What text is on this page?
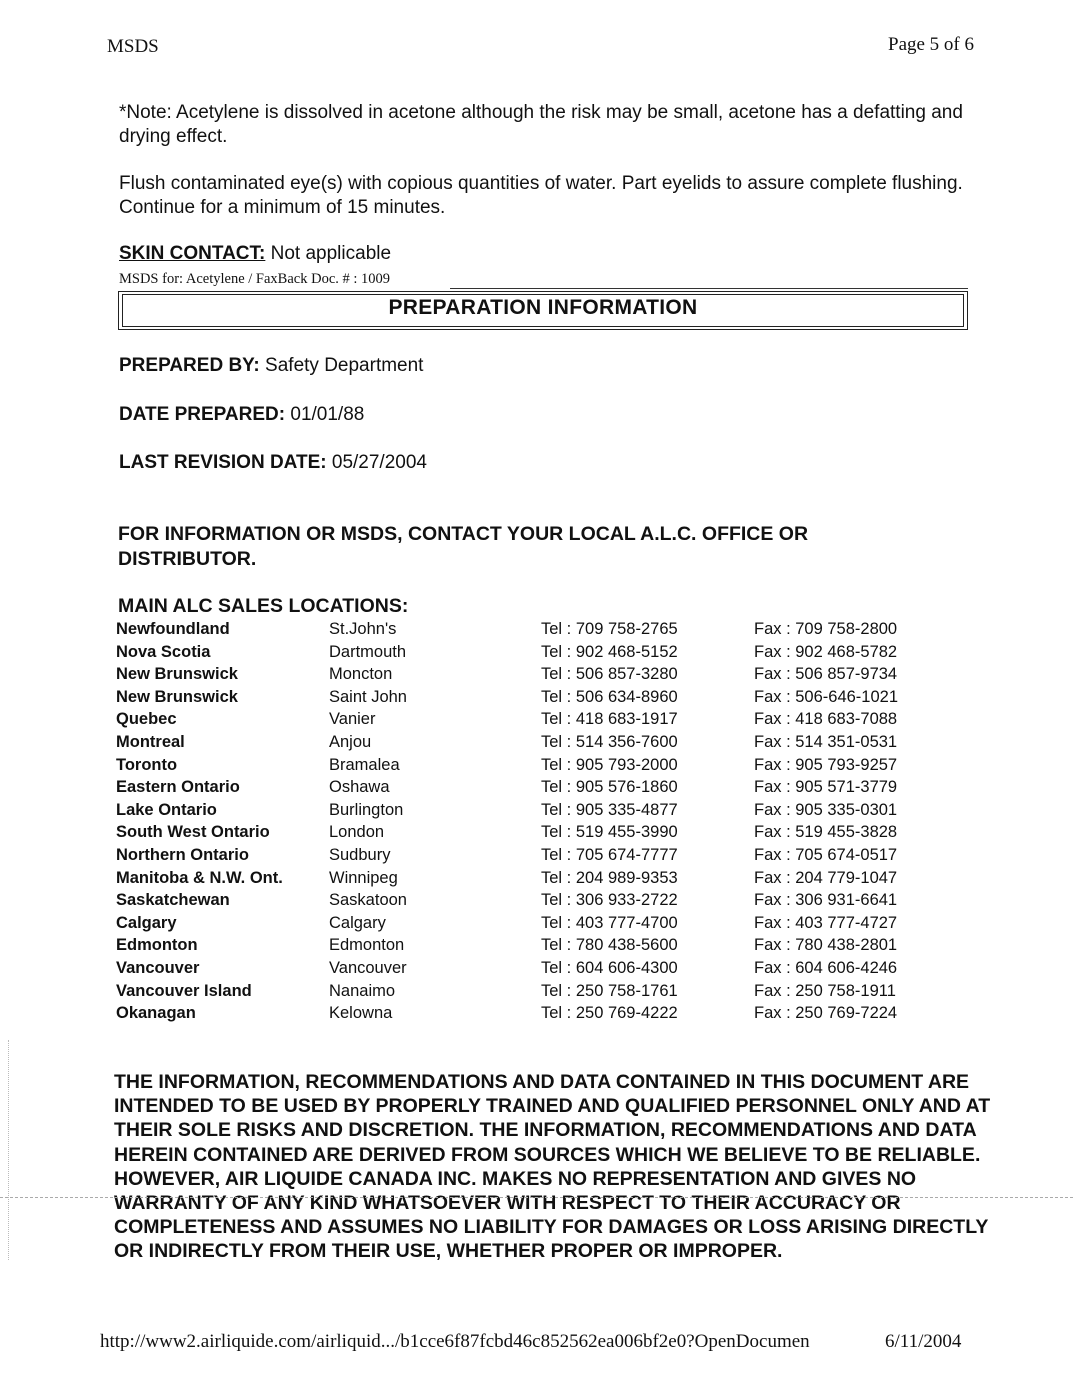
MSDS	Page 5 of 6
*Note: Acetylene is dissolved in acetone although the risk may be small, acetone has a defatting and drying effect.
Flush contaminated eye(s) with copious quantities of water. Part eyelids to assure complete flushing. Continue for a minimum of 15 minutes.
SKIN CONTACT: Not applicable
MSDS for: Acetylene / FaxBack Doc. # : 1009
PREPARATION INFORMATION
PREPARED BY: Safety Department
DATE PREPARED: 01/01/88
LAST REVISION DATE: 05/27/2004
FOR INFORMATION OR MSDS, CONTACT YOUR LOCAL A.L.C. OFFICE OR DISTRIBUTOR.
MAIN ALC SALES LOCATIONS:
Newfoundland	St.John's	Tel : 709 758-2765	Fax : 709 758-2800
Nova Scotia	Dartmouth	Tel : 902 468-5152	Fax : 902 468-5782
New Brunswick	Moncton	Tel : 506 857-3280	Fax : 506 857-9734
New Brunswick	Saint John	Tel : 506 634-8960	Fax : 506-646-1021
Quebec	Vanier	Tel : 418 683-1917	Fax : 418 683-7088
Montreal	Anjou	Tel : 514 356-7600	Fax : 514 351-0531
Toronto	Bramalea	Tel : 905 793-2000	Fax : 905 793-9257
Eastern Ontario	Oshawa	Tel : 905 576-1860	Fax : 905 571-3779
Lake Ontario	Burlington	Tel : 905 335-4877	Fax : 905 335-0301
South West Ontario	London	Tel : 519 455-3990	Fax : 519 455-3828
Northern Ontario	Sudbury	Tel : 705 674-7777	Fax : 705 674-0517
Manitoba & N.W. Ont.	Winnipeg	Tel : 204 989-9353	Fax : 204 779-1047
Saskatchewan	Saskatoon	Tel : 306 933-2722	Fax : 306 931-6641
Calgary	Calgary	Tel : 403 777-4700	Fax : 403 777-4727
Edmonton	Edmonton	Tel : 780 438-5600	Fax : 780 438-2801
Vancouver	Vancouver	Tel : 604 606-4300	Fax : 604 606-4246
Vancouver Island	Nanaimo	Tel : 250 758-1761	Fax : 250 758-1911
Okanagan	Kelowna	Tel : 250 769-4222	Fax : 250 769-7224
THE INFORMATION, RECOMMENDATIONS AND DATA CONTAINED IN THIS DOCUMENT ARE INTENDED TO BE USED BY PROPERLY TRAINED AND QUALIFIED PERSONNEL ONLY AND AT THEIR SOLE RISKS AND DISCRETION. THE INFORMATION, RECOMMENDATIONS AND DATA HEREIN CONTAINED ARE DERIVED FROM SOURCES WHICH WE BELIEVE TO BE RELIABLE. HOWEVER, AIR LIQUIDE CANADA INC. MAKES NO REPRESENTATION AND GIVES NO WARRANTY OF ANY KIND WHATSOEVER WITH RESPECT TO THEIR ACCURACY OR COMPLETENESS AND ASSUMES NO LIABILITY FOR DAMAGES OR LOSS ARISING DIRECTLY OR INDIRECTLY FROM THEIR USE, WHETHER PROPER OR IMPROPER.
http://www2.airliquide.com/airliquid.../b1cce6f87fcbd46c852562ea006bf2e0?OpenDocumen	6/11/2004
